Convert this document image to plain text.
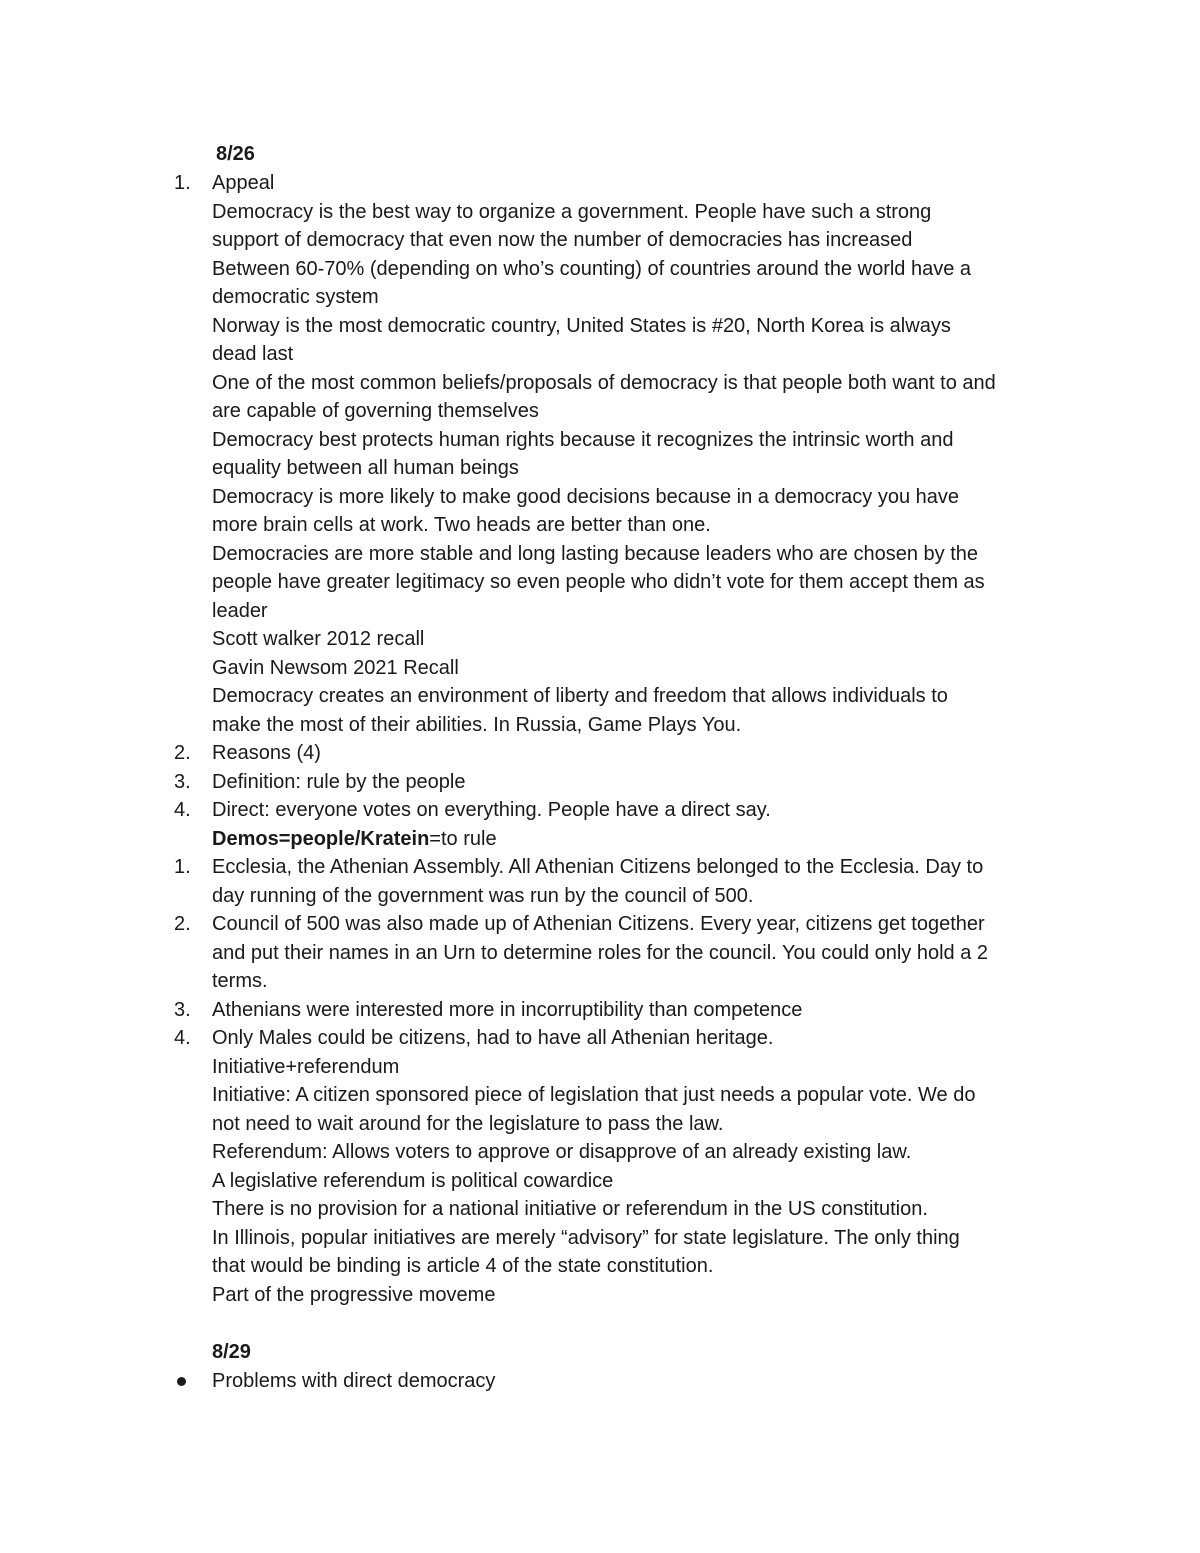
8/26
1. Appeal
Democracy is the best way to organize a government. People have such a strong
support of democracy that even now the number of democracies has increased
Between 60-70% (depending on who’s counting) of countries around the world have a
democratic system
Norway is the most democratic country, United States is #20, North Korea is always
dead last
One of the most common beliefs/proposals of democracy is that people both want to and
are capable of governing themselves
Democracy best protects human rights because it recognizes the intrinsic worth and
equality between all human beings
Democracy is more likely to make good decisions because in a democracy you have
more brain cells at work. Two heads are better than one.
Democracies are more stable and long lasting because leaders who are chosen by the
people have greater legitimacy so even people who didn’t vote for them accept them as
leader
Scott walker 2012 recall
Gavin Newsom 2021 Recall
Democracy creates an environment of liberty and freedom that allows individuals to
make the most of their abilities. In Russia, Game Plays You.
2. Reasons (4)
3. Definition: rule by the people
4. Direct: everyone votes on everything. People have a direct say.
Demos=people/Kratein=to rule
1. Ecclesia, the Athenian Assembly. All Athenian Citizens belonged to the Ecclesia. Day to
day running of the government was run by the council of 500.
2. Council of 500 was also made up of Athenian Citizens. Every year, citizens get together
and put their names in an Urn to determine roles for the council. You could only hold a 2
terms.
3. Athenians were interested more in incorruptibility than competence
4. Only Males could be citizens, had to have all Athenian heritage.
Initiative+referendum
Initiative: A citizen sponsored piece of legislation that just needs a popular vote. We do
not need to wait around for the legislature to pass the law.
Referendum: Allows voters to approve or disapprove of an already existing law.
A legislative referendum is political cowardice
There is no provision for a national initiative or referendum in the US constitution.
In Illinois, popular initiatives are merely “advisory” for state legislature. The only thing
that would be binding is article 4 of the state constitution.
Part of the progressive moveme
8/29
Problems with direct democracy
